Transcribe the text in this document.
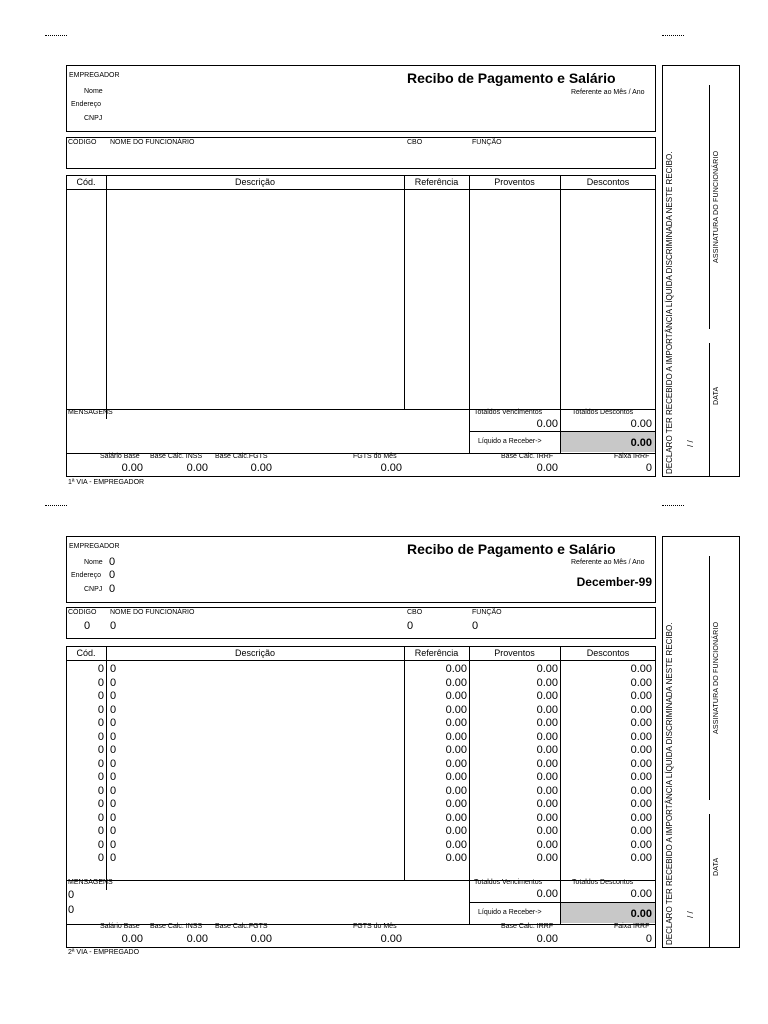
EMPREGADOR
Nome
Endereço
CNPJ
Recibo de Pagamento e Salário
Referente ao Mês / Ano
CÓDIGO NOME DO FUNCIONÁRIO	CBO	FUNÇÃO
Cód.	Descrição	Referência	Proventos	Descontos
MENSAGENS	Totaldos Vencimentos	Totaldos Descontos
0.00	0.00
Líquido a Receber->	0.00
Salário Base Base Calc. INSS Base Calc.FGTS	FGTS do Mês	Base Calc. IRRF	Faixa IRRF
0.00	0.00	0.00	0.00	0.00	0
1ª VIA - EMPREGADOR
DECLARO TER RECEBIDO A IMPORTÂNCIA LÍQUIDA DISCRIMINADA NESTE RECIBO.	ASSINATURA DO FUNCIONÁRIO
DATA
/ /
EMPREGADOR
Nome 0
Endereço 0
CNPJ 0
Recibo de Pagamento e Salário
Referente ao Mês / Ano
December-99
CÓDIGO NOME DO FUNCIONÁRIO	CBO	FUNÇÃO
0 0	0	0
Cód.	Descrição	Referência	Proventos	Descontos
0 0	0.00	0.00	0.00
0 0	0.00	0.00	0.00
0 0	0.00	0.00	0.00
0 0	0.00	0.00	0.00
0 0	0.00	0.00	0.00
0 0	0.00	0.00	0.00
0 0	0.00	0.00	0.00
0 0	0.00	0.00	0.00
0 0	0.00	0.00	0.00
0 0	0.00	0.00	0.00
0 0	0.00	0.00	0.00
0 0	0.00	0.00	0.00
0 0	0.00	0.00	0.00
0 0	0.00	0.00	0.00
0 0	0.00	0.00	0.00
MENSAGENS
0
0
Totaldos Vencimentos	Totaldos Descontos
0.00	0.00
Líquido a Receber->	0.00
Salário Base Base Calc. INSS Base Calc.FGTS	FGTS do Mês	Base Calc. IRRF	Faixa IRRF
0.00	0.00	0.00	0.00	0.00	0
2ª VIA - EMPREGADO
DECLARO TER RECEBIDO A IMPORTÂNCIA LÍQUIDA DISCRIMINADA NESTE RECIBO.	ASSINATURA DO FUNCIONÁRIO
DATA
/ /
